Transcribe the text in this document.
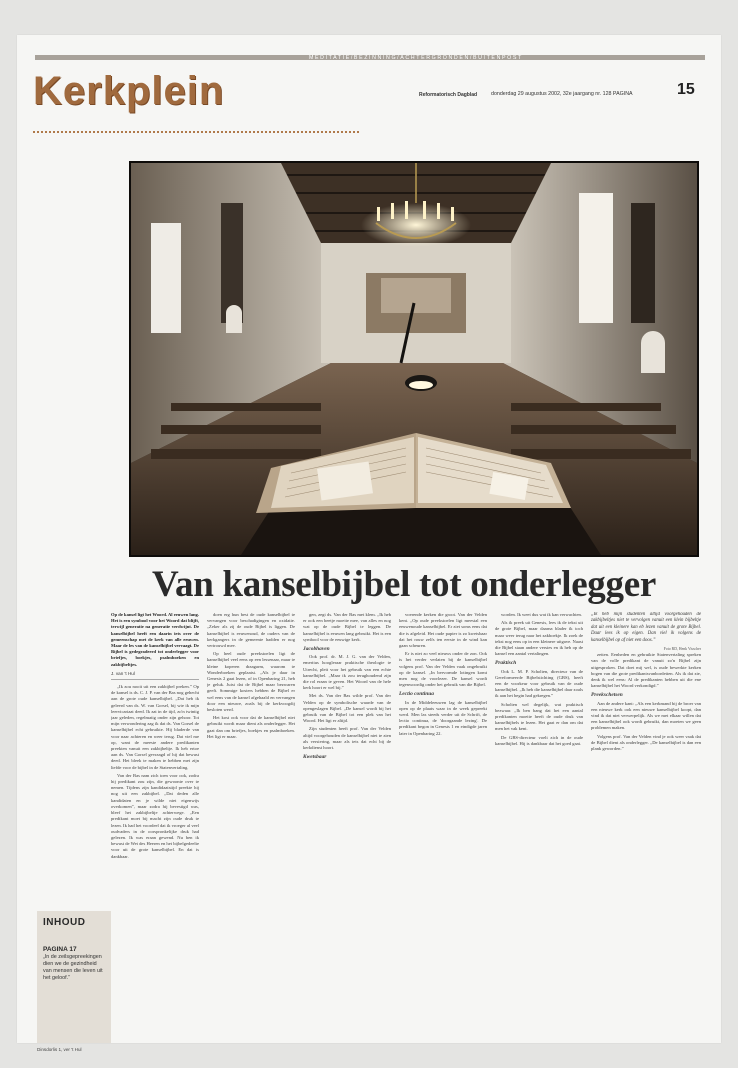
MEDITATIE/BEZINNING/ACHTERGRONDEN/BUITENPOST
Kerkplein	Reformatorisch Dagblad	donderdag 29 augustus 2002, 32e jaargang nr. 128 PAGINA	15
Van kanselbijbel tot onderlegger

Op de kansel ligt het Woord. Al eeuwen lang. Het is een symbool voor het Woord dat blijft, terwijl generatie na generatie verdwijnt. De kanselbijbel heeft een daarin iets over de gemeenschap met de kerk van alle eeuwen. Maar de les van de kanselbijbel vervaagt. De Bijbel is gedegradeerd tot onderlegger voor briefjes, boekjes, psalmboeken en zakbijbeltjes.

J. van 't Hul

„Ik zou nooit uit een zakbijbel preken.” Op de kansel is ds. C. J. P. van der Bas nog gehecht aan de grote oude kanselbijbel. „Dat heb ik geleerd van ds. W. van Gorsel, bij wie ik mijn leervicariaat deed. Ik zat in de tijd, zo'n twintig jaar geleden, regelmatig onder zijn gehoor. Tot mijn verwondering zag ik dat ds. Van Gorsel de kanselbijbel echt gebruikte. Hij bladerde van voor naar achteren en weer terug. Dat viel me op, want de meeste andere predikanten preekten vanuit een zakbijbeltje. Ik heb ertoe aan ds. Van Gorsel gevraagd of hij dat bewust deed. Het bleek te maken te hebben met zijn liefde voor de bijbel in de Statenvertaling.

Van der Bas nam zich toen voor ook, zodra hij predikant zou zijn, die gewoonte over te nemen. Tijdens zijn kandidaatstijd preekte hij nog uit een zakbijbel. „Dat deden alle kandidaten en je wilde niet eigenwijs overkomen”, maar zodra hij bevestigd was, bleef het zakbijbeltje achterwege. „Een predikant moet bij macht zijn oude druk te lezen. Ik had het voordeel dat ik vroeger al veel oudvaders in de oorspronkelijke druk had gelezen. Ik was eraan gewend. Nu ben ik bewust de Wet des Heeren en het bijbelgedeelte voor uit de grote kanselbijbel. En dat is dankbaar.

doen erg hun best de oude kanselbijbel te vervangen voor beschadigingen en oxidatie. „Zeker als zij de oude Bijbel is liggen. De kanselbijbel is eeuwenoud, de ouders van de kerkgangers in de gemeente hadden er nog vertrouwd mee.

Op heel oude preekstoelen ligt de kanselbijbel veel eens op een lessenaar, maar te kleine koperen draagarm, waarom te Wonderboeken geplaatst. „Als je daar in Genesis 2 gaat lezen, of in Openbaring 21, heb je geluk. Juist dat de Bijbel maar bezwaren geeft. Sommige kosters hebben de Bijbel er wel eens van de kansel afgehaald en vervangen door een nieuwe, zoals bij de kerkvoogdij besloten werd.

Het kost ook voor dat de kanselbijbel niet gebruikt wordt maar dient als onderlegger. Het gaat dan om briefjes, boekjes en psalmboeken. Het ligt er maar.

gen, zegt ds. Van der Bas met klem. „Ik heb er ook een beetje moeite mee, van alles en nog wat op de oude Bijbel te leggen. De kanselbijbel is eeuwen lang gebruikt. Het is een symbool voor de eeuwige kerk.

Jacobhaven

Ook prof. dr. M. J. G. van der Velden, emeritus hoogleraar praktische theologie te Utrecht, pleit voor het gebruik van een echte kanselbijbel. „Maar ik zou terughoudend zijn die rol eraan te geven. Het Woord van de hele kerk hoort er wel bij.”

Met ds. Van der Bas wilde prof. Van der Velden op de symbolische waarde van de opengeslagen Bijbel. „De kansel wordt bij het gebruik van de Bijbel tot een plek van het Woord. Het ligt er altijd.

Zijn studenten heeft prof. Van der Velden altijd voorgehouden de kanselbijbel niet te zien als versiering, maar als iets dat echt bij de kerkdienst hoort.

Kwetsbaar

voerende kerken die groot. Van der Velden kent. „Op oude preekstoelen ligt meestal een eeuwenoude kanselbijbel. Er ziet soms eens dat die is afgeleid. Het oude papier is zo kwetsbaar dat het rouw zelfs ten eerste in de wind kan gaan scheuren.

Er is niet zo veel nieuws onder de zon. Ook is het verder verlaten bij de kanselbijbel volgens prof. Van der Velden vaak ongebruikt op de kansel. „In bervormde lotingen komt men nog de voorlezer. De kansel wordt tegenwoordig onder het gebruik van die Bijbel.

Lectio continua

In de Middeleeuwen lag de kanselbijbel open op de plaats waar in de week gepreekt werd. Men las steeds verder uit de Schrift, de lectio continua, de 'doorgaande lezing'. De predikant begon in Genesis 1 en eindigde jaren later in Openbaring 22.

worden. Ik weet dus wat ik kan verwachten.

Als ik preek uit Genesis, lees ik de tekst uit de grote Bijbel, maar daarna blader ik toch maar weer terug naar het zakboekje. Ik zoek de tekst nog eens op in een kleinere uitgave. Naast die Bijbel staan andere versies en ik heb op de kansel een aantal vertalingen.

Praktisch

Ook L. M. P. Scholten, directeur van de Gereformeerde Bijbelstichting (GBS), heeft een de voorkeur voor gebruik van de oude kanselbijbel. „Ik heb die kanselbijbel daar zoals ik aan het begin had gekregen.”

Scholten wel degelijk, wat praktisch bezwaar. „Ik ben bang dat het een aantal predikanten moeite heeft de oude druk van kanselbijbels te lezen. Het gaat er dan om dat men het vak kent.

De GBS-directeur voelt zich in de oude kanselbijbel. Hij is dankbaar dat het goed gaat.

„Ik heb mijn studenten altijd voorgehouden de zakbijbeltjes niet te vervolgen vanuit een klein bijbeltje dat uit een kleinere kan eb lezen vanuit de grote Bijbel. Daar lees ik op eigen. Dan viel ik volgens de kanselbijbel op af niet een doos.”
Foto RD, Henk Visscher

zetten. Eenheden en gebruikte Statenvertaling spreken van de volle predikant de vanuit zo'n Bijbel zijn uitgesproken. Dat doet mij wel, is oude bewerkte kerken bogen van die grote predikantsvanbordetten. Als ik dat zie, denk ik wel eens: Al de predikanten hebben uit die ene kanselbijbel het Woord verkondigd.”

Preekschetsen

Aan de andere kant: „Als een kerkmand bij de broer van een nieuwe kerk ook een nieuwe kanselbijbel koopt, dan vind ik dat niet verwerpelijk. Als we met elkaar willen dat een kanselbijbel ook wordt gebruikt, dan moeten we geen problemen maken.

Volgens prof. Van der Velden vind je ook weer vaak dat de Bijbel dient als onderlegger. „De kanselbijbel is dan een plank geworden.”

INHOUD
PAGINA 17
„In de zeilsgepreekingen dien we de gezindheid van mensen die leven uit het geloof.”
Dinsdorlis 1, ver 't Hul
